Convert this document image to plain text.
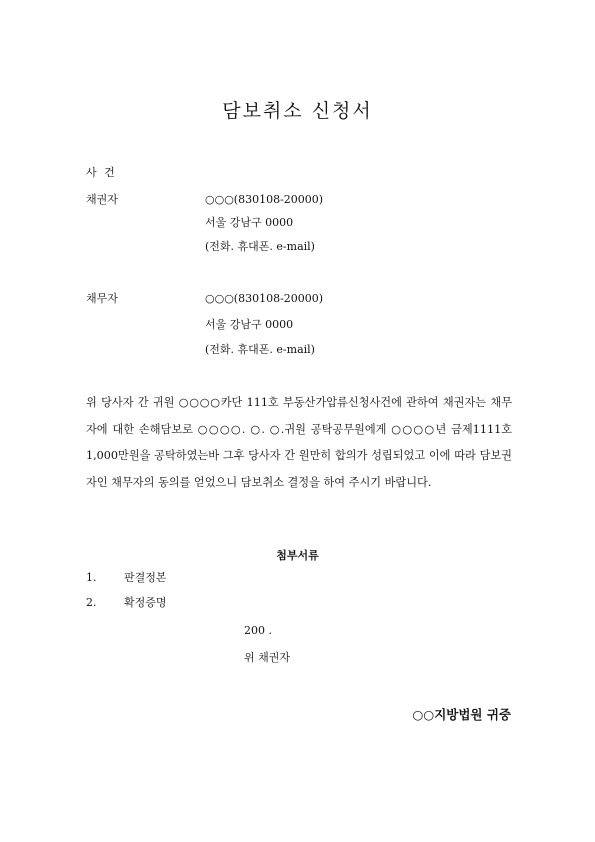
담보취소 신청서
사 건
채권자	○○○(830108-20000)
서울 강남구 0000
(전화. 휴대폰. e-mail)
채무자	○○○(830108-20000)
서울 강남구 0000
(전화. 휴대폰. e-mail)
위 당사자 간 귀원 ○○○○카단 111호 부동산가압류신청사건에 관하여 채권자는 채무자에 대한 손해담보로 ○○○○. ○. ○.귀원 공탁공무원에게 ○○○○년 금제1111호 1,000만원을 공탁하였는바 그후 당사자 간 원만히 합의가 성립되었고 이에 따라 담보권자인 채무자의 동의를 얻었으니 담보취소 결정을 하여 주시기 바랍니다.
첨부서류
1.	판결정본
2.	확정증명
200 .
위 채권자
○○지방법원 귀중
